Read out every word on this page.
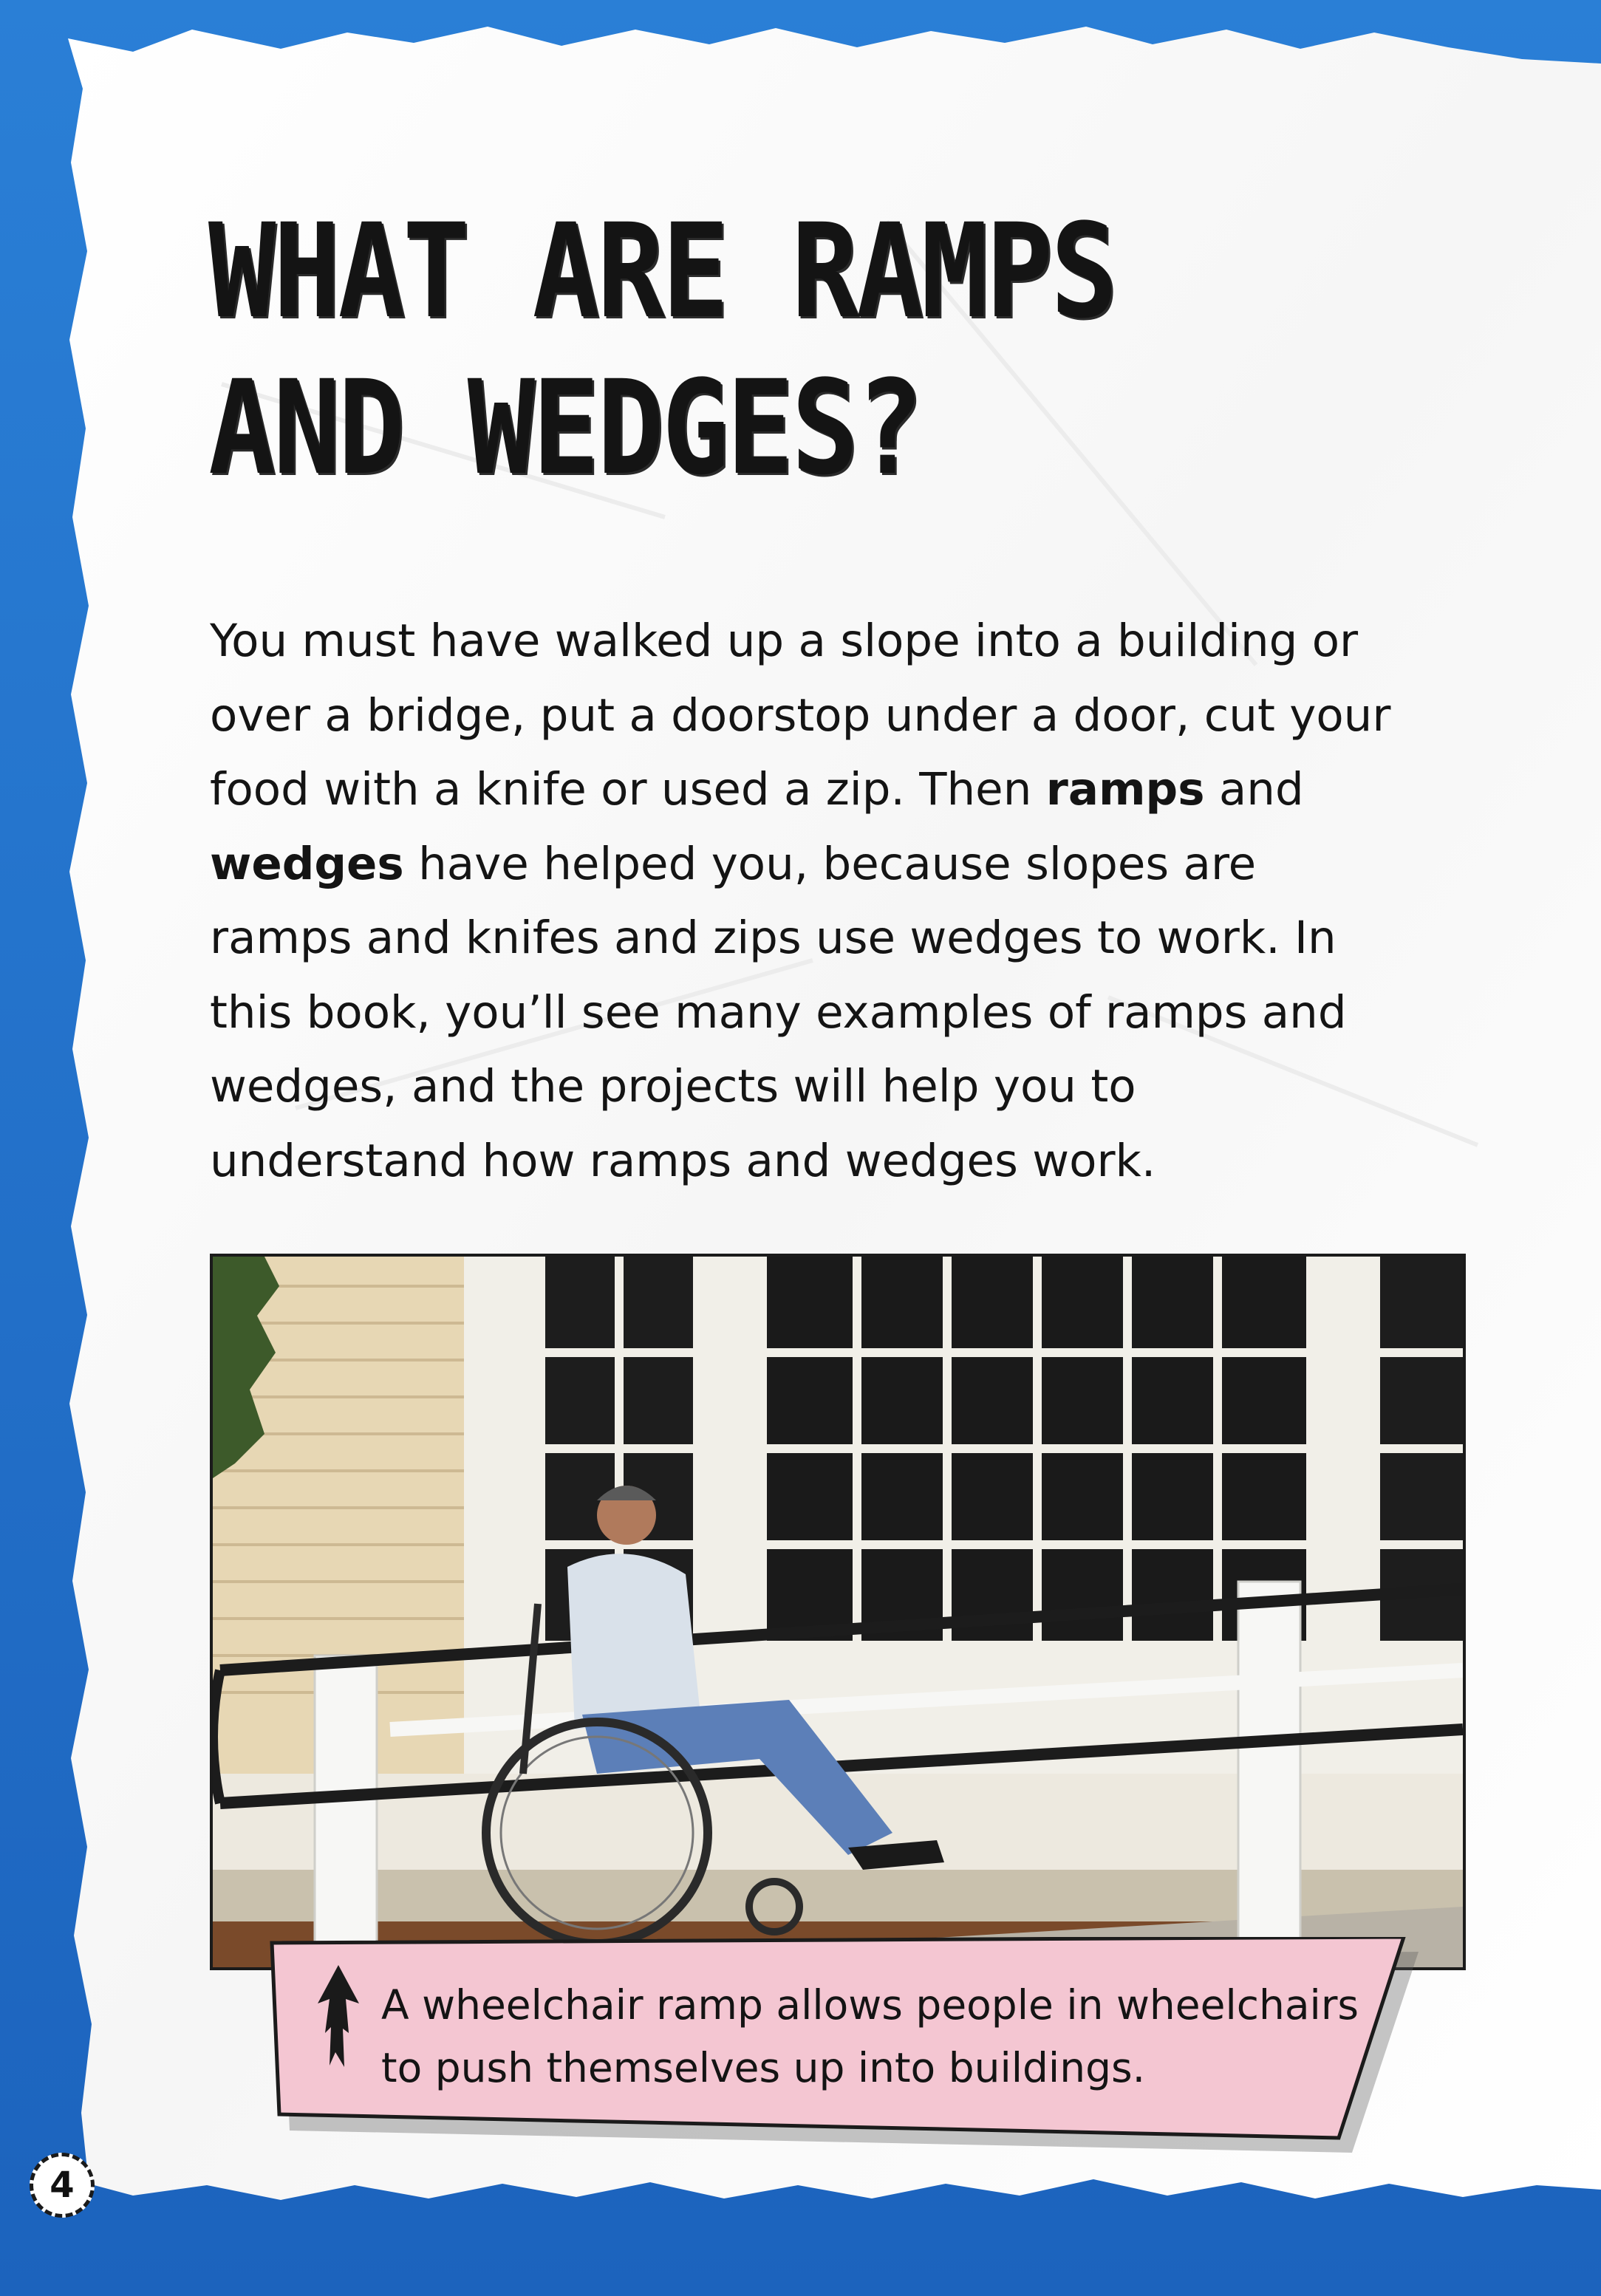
WHAT ARE RAMPS
AND WEDGES?
You must have walked up a slope into a building or over a bridge, put a doorstop under a door, cut your food with a knife or used a zip. Then ramps and wedges have helped you, because slopes are ramps and knifes and zips use wedges to work. In this book, you’ll see many examples of ramps and wedges, and the projects will help you to understand how ramps and wedges work.
A wheelchair ramp allows people in wheelchairs to push themselves up into buildings.
4
